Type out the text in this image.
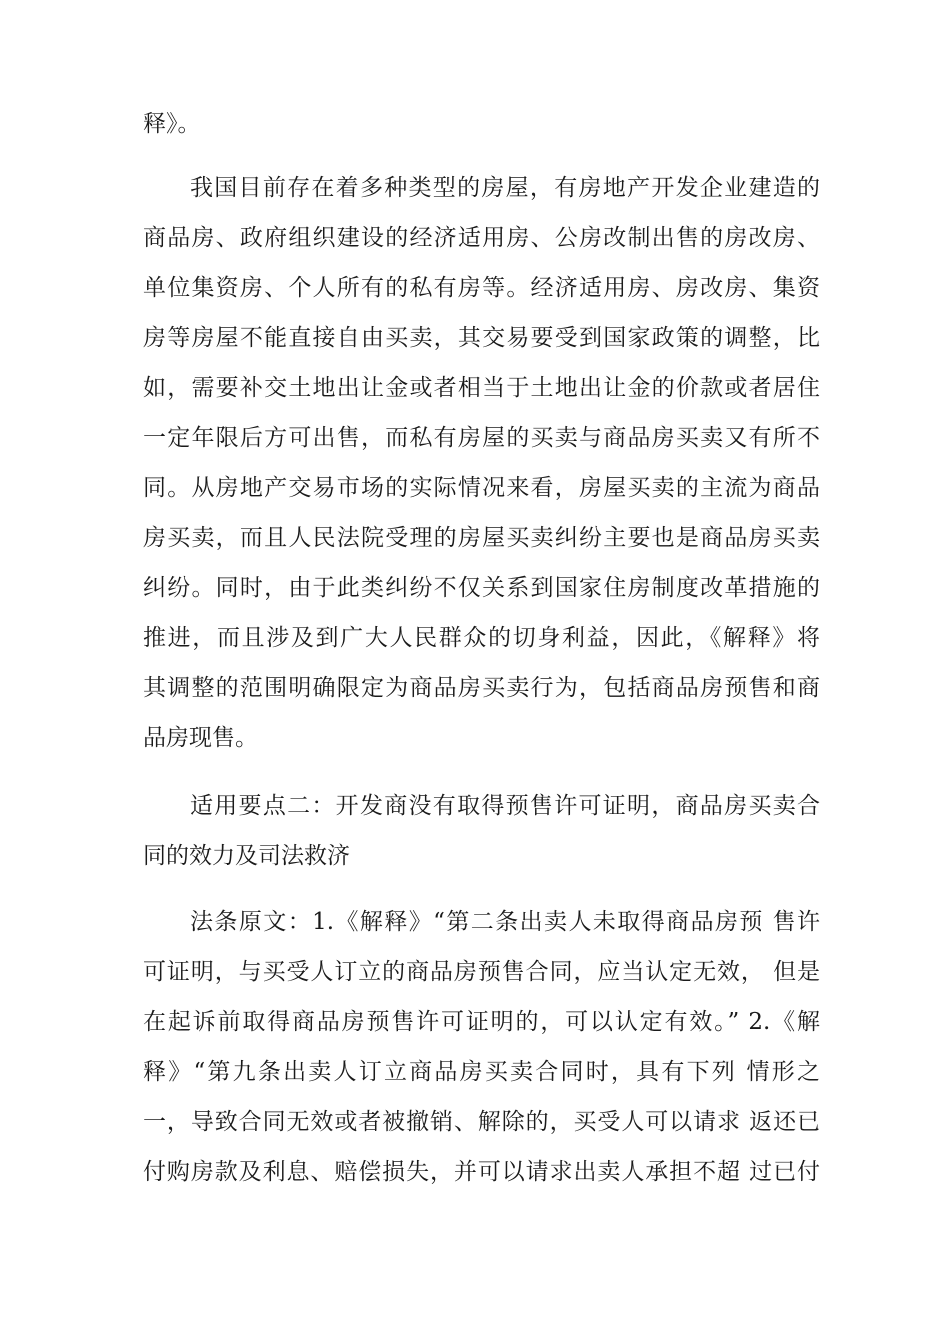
释》。
我国目前存在着多种类型的房屋，有房地产开发企业建造的
商品房、政府组织建设的经济适用房、公房改制出售的房改房、
单位集资房、个人所有的私有房等。经济适用房、房改房、集资
房等房屋不能直接自由买卖，其交易要受到国家政策的调整，比
如，需要补交土地出让金或者相当于土地出让金的价款或者居住
一定年限后方可出售，而私有房屋的买卖与商品房买卖又有所不
同。从房地产交易市场的实际情况来看，房屋买卖的主流为商品
房买卖，而且人民法院受理的房屋买卖纠纷主要也是商品房买卖
纠纷。同时，由于此类纠纷不仅关系到国家住房制度改革措施的
推进，而且涉及到广大人民群众的切身利益，因此，《解释》将
其调整的范围明确限定为商品房买卖行为，包括商品房预售和商
品房现售。
适用要点二：开发商没有取得预售许可证明，商品房买卖合
同的效力及司法救济
法条原文：1.《解释》“第二条出卖人未取得商品房预 售许
可证明，与买受人订立的商品房预售合同，应当认定无效， 但是
在起诉前取得商品房预售许可证明的，可以认定有效。” 2.《解
释》“第九条出卖人订立商品房买卖合同时，具有下列 情形之
一，导致合同无效或者被撤销、解除的，买受人可以请求 返还已
付购房款及利息、赔偿损失，并可以请求出卖人承担不超 过已付
